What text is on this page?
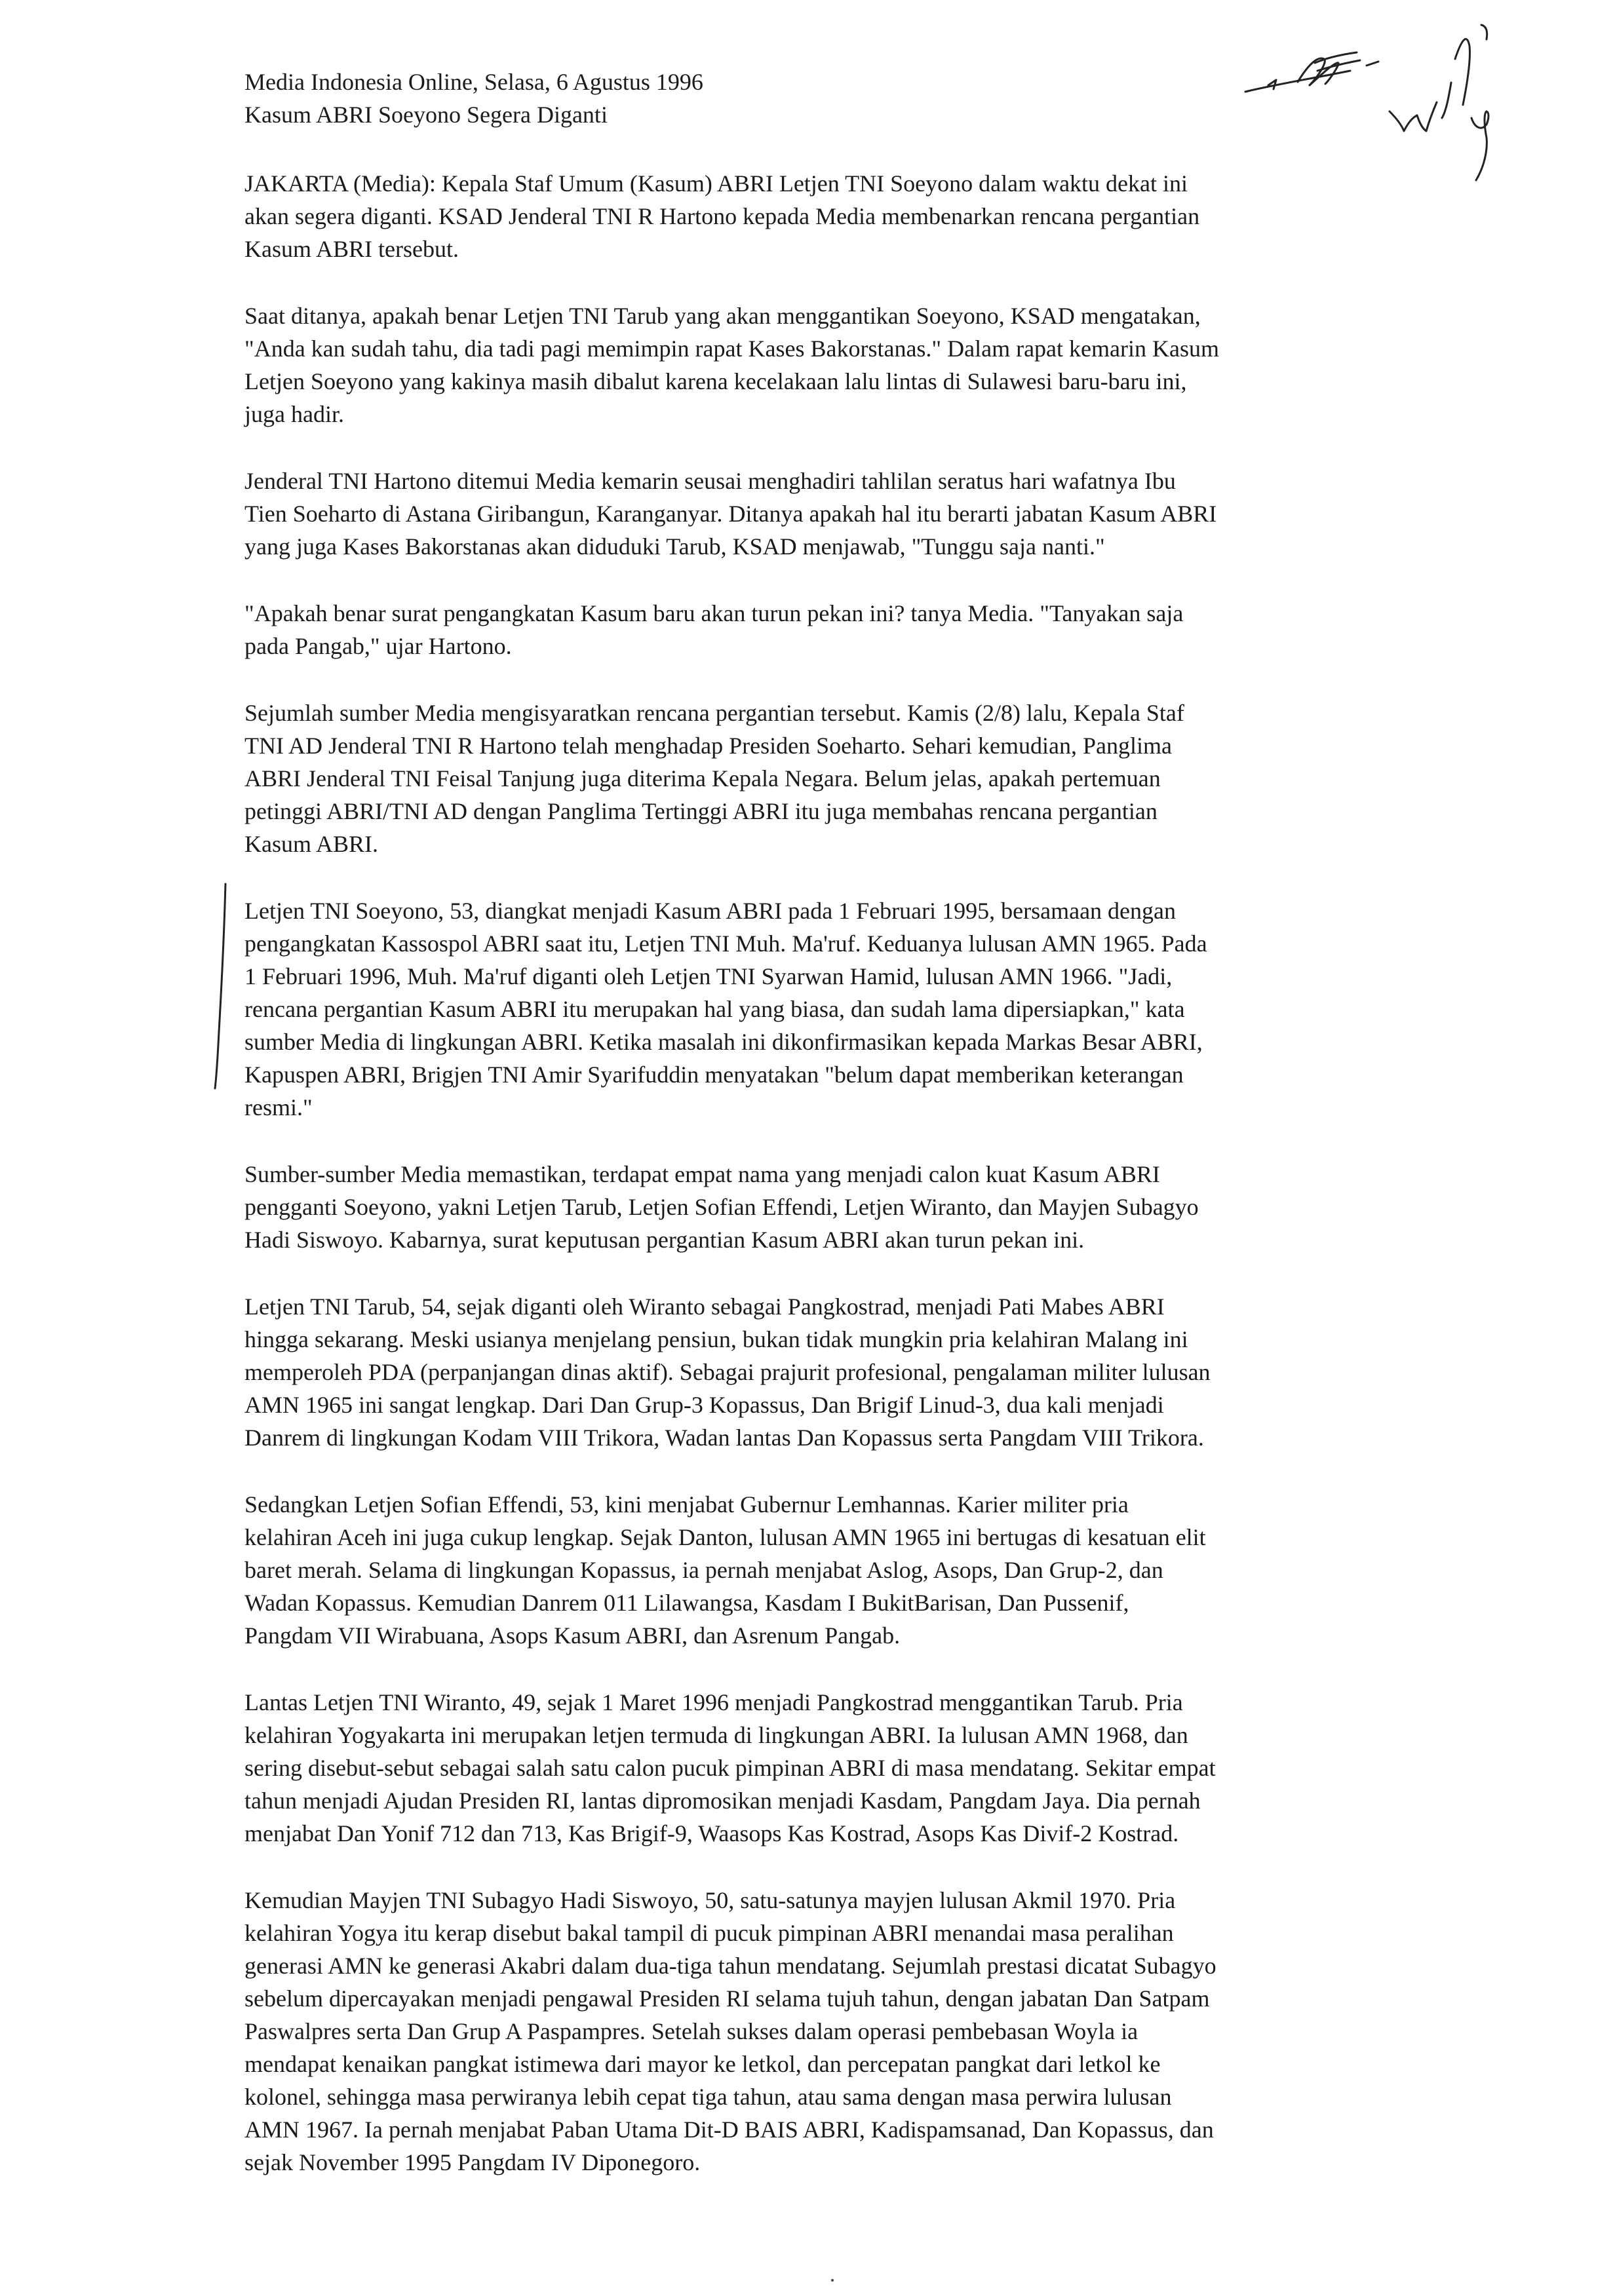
Media Indonesia Online, Selasa, 6 Agustus 1996
Kasum ABRI Soeyono Segera Diganti

JAKARTA (Media): Kepala Staf Umum (Kasum) ABRI Letjen TNI Soeyono dalam waktu dekat ini
akan segera diganti. KSAD Jenderal TNI R Hartono kepada Media membenarkan rencana pergantian
Kasum ABRI tersebut.

Saat ditanya, apakah benar Letjen TNI Tarub yang akan menggantikan Soeyono, KSAD mengatakan,
"Anda kan sudah tahu, dia tadi pagi memimpin rapat Kases Bakorstanas." Dalam rapat kemarin Kasum
Letjen Soeyono yang kakinya masih dibalut karena kecelakaan lalu lintas di Sulawesi baru-baru ini,
juga hadir.

Jenderal TNI Hartono ditemui Media kemarin seusai menghadiri tahlilan seratus hari wafatnya Ibu
Tien Soeharto di Astana Giribangun, Karanganyar. Ditanya apakah hal itu berarti jabatan Kasum ABRI
yang juga Kases Bakorstanas akan diduduki Tarub, KSAD menjawab, "Tunggu saja nanti."

"Apakah benar surat pengangkatan Kasum baru akan turun pekan ini? tanya Media. "Tanyakan saja
pada Pangab," ujar Hartono.

Sejumlah sumber Media mengisyaratkan rencana pergantian tersebut. Kamis (2/8) lalu, Kepala Staf
TNI AD Jenderal TNI R Hartono telah menghadap Presiden Soeharto. Sehari kemudian, Panglima
ABRI Jenderal TNI Feisal Tanjung juga diterima Kepala Negara. Belum jelas, apakah pertemuan
petinggi ABRI/TNI AD dengan Panglima Tertinggi ABRI itu juga membahas rencana pergantian
Kasum ABRI.

Letjen TNI Soeyono, 53, diangkat menjadi Kasum ABRI pada 1 Februari 1995, bersamaan dengan
pengangkatan Kassospol ABRI saat itu, Letjen TNI Muh. Ma'ruf. Keduanya lulusan AMN 1965. Pada
1 Februari 1996, Muh. Ma'ruf diganti oleh Letjen TNI Syarwan Hamid, lulusan AMN 1966. "Jadi,
rencana pergantian Kasum ABRI itu merupakan hal yang biasa, dan sudah lama dipersiapkan," kata
sumber Media di lingkungan ABRI. Ketika masalah ini dikonfirmasikan kepada Markas Besar ABRI,
Kapuspen ABRI, Brigjen TNI Amir Syarifuddin menyatakan "belum dapat memberikan keterangan
resmi."

Sumber-sumber Media memastikan, terdapat empat nama yang menjadi calon kuat Kasum ABRI
pengganti Soeyono, yakni Letjen Tarub, Letjen Sofian Effendi, Letjen Wiranto, dan Mayjen Subagyo
Hadi Siswoyo. Kabarnya, surat keputusan pergantian Kasum ABRI akan turun pekan ini.

Letjen TNI Tarub, 54, sejak diganti oleh Wiranto sebagai Pangkostrad, menjadi Pati Mabes ABRI
hingga sekarang. Meski usianya menjelang pensiun, bukan tidak mungkin pria kelahiran Malang ini
memperoleh PDA (perpanjangan dinas aktif). Sebagai prajurit profesional, pengalaman militer lulusan
AMN 1965 ini sangat lengkap. Dari Dan Grup-3 Kopassus, Dan Brigif Linud-3, dua kali menjadi
Danrem di lingkungan Kodam VIII Trikora, Wadan lantas Dan Kopassus serta Pangdam VIII Trikora.

Sedangkan Letjen Sofian Effendi, 53, kini menjabat Gubernur Lemhannas. Karier militer pria
kelahiran Aceh ini juga cukup lengkap. Sejak Danton, lulusan AMN 1965 ini bertugas di kesatuan elit
baret merah. Selama di lingkungan Kopassus, ia pernah menjabat Aslog, Asops, Dan Grup-2, dan
Wadan Kopassus. Kemudian Danrem 011 Lilawangsa, Kasdam I BukitBarisan, Dan Pussenif,
Pangdam VII Wirabuana, Asops Kasum ABRI, dan Asrenum Pangab.

Lantas Letjen TNI Wiranto, 49, sejak 1 Maret 1996 menjadi Pangkostrad menggantikan Tarub. Pria
kelahiran Yogyakarta ini merupakan letjen termuda di lingkungan ABRI. Ia lulusan AMN 1968, dan
sering disebut-sebut sebagai salah satu calon pucuk pimpinan ABRI di masa mendatang. Sekitar empat
tahun menjadi Ajudan Presiden RI, lantas dipromosikan menjadi Kasdam, Pangdam Jaya. Dia pernah
menjabat Dan Yonif 712 dan 713, Kas Brigif-9, Waasops Kas Kostrad, Asops Kas Divif-2 Kostrad.

Kemudian Mayjen TNI Subagyo Hadi Siswoyo, 50, satu-satunya mayjen lulusan Akmil 1970. Pria
kelahiran Yogya itu kerap disebut bakal tampil di pucuk pimpinan ABRI menandai masa peralihan
generasi AMN ke generasi Akabri dalam dua-tiga tahun mendatang. Sejumlah prestasi dicatat Subagyo
sebelum dipercayakan menjadi pengawal Presiden RI selama tujuh tahun, dengan jabatan Dan Satpam
Paswalpres serta Dan Grup A Paspampres. Setelah sukses dalam operasi pembebasan Woyla ia
mendapat kenaikan pangkat istimewa dari mayor ke letkol, dan percepatan pangkat dari letkol ke
kolonel, sehingga masa perwiranya lebih cepat tiga tahun, atau sama dengan masa perwira lulusan
AMN 1967. Ia pernah menjabat Paban Utama Dit-D BAIS ABRI, Kadispamsanad, Dan Kopassus, dan
sejak November 1995 Pangdam IV Diponegoro.
